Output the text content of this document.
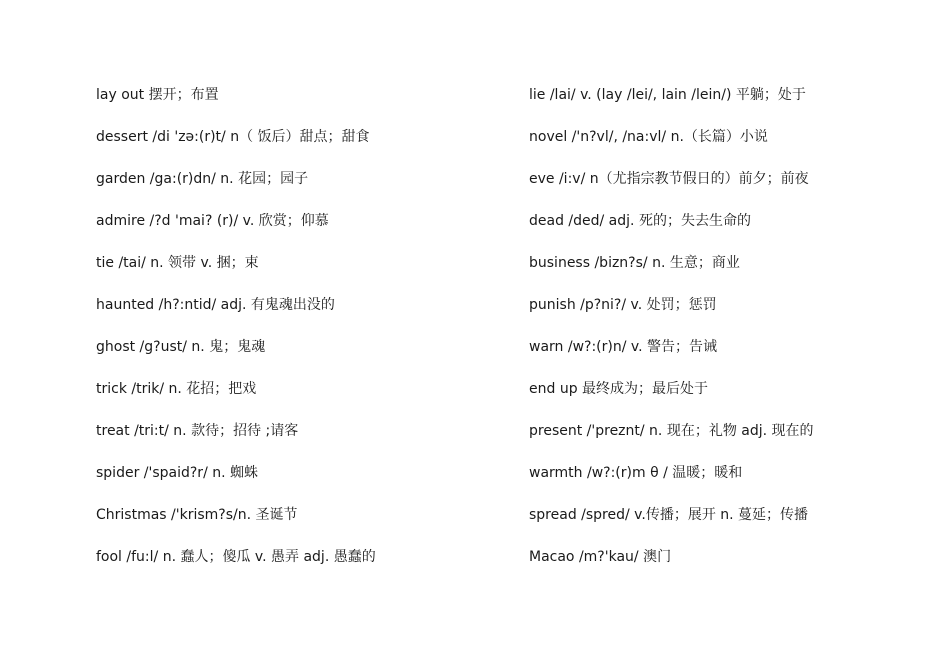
lay out 摆开；布置
dessert /di 'zə:(r)t/ n（ 饭后）甜点；甜食
garden /ga:(r)dn/ n. 花园；园子
admire /?d 'mai? (r)/ v. 欣赏；仰慕
tie /tai/ n. 领带 v. 捆；束
haunted /h?:ntid/ adj. 有鬼魂出没的
ghost /g?ust/ n. 鬼；鬼魂
trick /trik/ n. 花招；把戏
treat /tri:t/ n. 款待；招待 ;请客
spider /'spaid?r/ n. 蜘蛛
Christmas /'krism?s/n. 圣诞节
fool /fu:l/ n. 蠢人；傻瓜 v. 愚弄 adj. 愚蠢的
lie /lai/ v. (lay /lei/, lain /lein/) 平躺；处于
novel /'n?vl/, /na:vl/ n.（长篇）小说
eve /i:v/ n（尤指宗教节假日的）前夕；前夜
dead /ded/ adj. 死的；失去生命的
business /bizn?s/ n. 生意；商业
punish /p?ni?/ v. 处罚；惩罚
warn /w?:(r)n/ v. 警告；告诫
end up 最终成为；最后处于
present /'preznt/ n. 现在；礼物 adj. 现在的
warmth /w?:(r)m θ / 温暖；暖和
spread /spred/ v.传播；展开 n. 蔓延；传播
Macao /m?'kau/ 澳门
